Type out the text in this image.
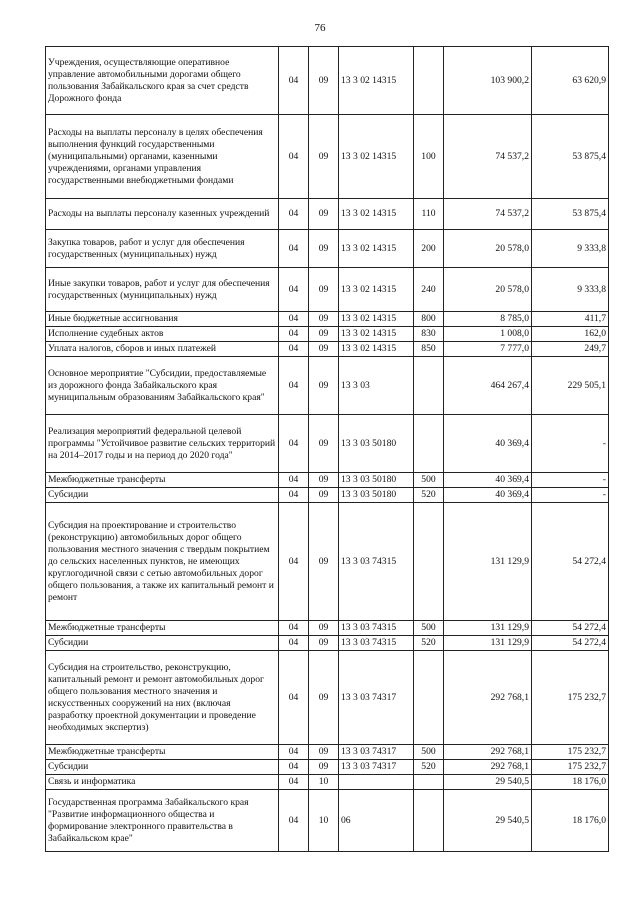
76
Учреждения, осуществляющие оперативное управление автомобильными дорогами общего пользования Забайкальского края за счет средств Дорожного фонда	04	09	13 3 02 14315		103 900,2	63 620,9
Расходы на выплаты персоналу в целях обеспечения выполнения функций государственными (муниципальными) органами, казенными учреждениями, органами управления государственными внебюджетными фондами	04	09	13 3 02 14315	100	74 537,2	53 875,4
Расходы на выплаты персоналу казенных учреждений	04	09	13 3 02 14315	110	74 537,2	53 875,4
Закупка товаров, работ и услуг для обеспечения государственных (муниципальных) нужд	04	09	13 3 02 14315	200	20 578,0	9 333,8
Иные закупки товаров, работ и услуг для обеспечения государственных (муниципальных) нужд	04	09	13 3 02 14315	240	20 578,0	9 333,8
Иные бюджетные ассигнования	04	09	13 3 02 14315	800	8 785,0	411,7
Исполнение судебных актов	04	09	13 3 02 14315	830	1 008,0	162,0
Уплата налогов, сборов и иных платежей	04	09	13 3 02 14315	850	7 777,0	249,7
Основное мероприятие "Субсидии, предоставляемые из дорожного фонда Забайкальского края муниципальным образованиям Забайкальского края"	04	09	13 3 03		464 267,4	229 505,1
Реализация мероприятий федеральной целевой программы "Устойчивое развитие сельских территорий на 2014–2017 годы и на период до 2020 года"	04	09	13 3 03 50180		40 369,4	-
Межбюджетные трансферты	04	09	13 3 03 50180	500	40 369,4	-
Субсидии	04	09	13 3 03 50180	520	40 369,4	-
Субсидия на проектирование и строительство (реконструкцию) автомобильных дорог общего пользования местного значения с твердым покрытием до сельских населенных пунктов, не имеющих круглогодичной связи с сетью автомобильных дорог общего пользования, а также их капитальный ремонт и ремонт	04	09	13 3 03 74315		131 129,9	54 272,4
Межбюджетные трансферты	04	09	13 3 03 74315	500	131 129,9	54 272,4
Субсидии	04	09	13 3 03 74315	520	131 129,9	54 272,4
Субсидия на строительство, реконструкцию, капитальный ремонт и ремонт автомобильных дорог общего пользования местного значения и искусственных сооружений на них (включая разработку проектной документации и проведение необходимых экспертиз)	04	09	13 3 03 74317		292 768,1	175 232,7
Межбюджетные трансферты	04	09	13 3 03 74317	500	292 768,1	175 232,7
Субсидии	04	09	13 3 03 74317	520	292 768,1	175 232,7
Связь и информатика	04	10			29 540,5	18 176,0
Государственная программа Забайкальского края "Развитие информационного общества и формирование электронного правительства в Забайкальском крае"	04	10	06		29 540,5	18 176,0
